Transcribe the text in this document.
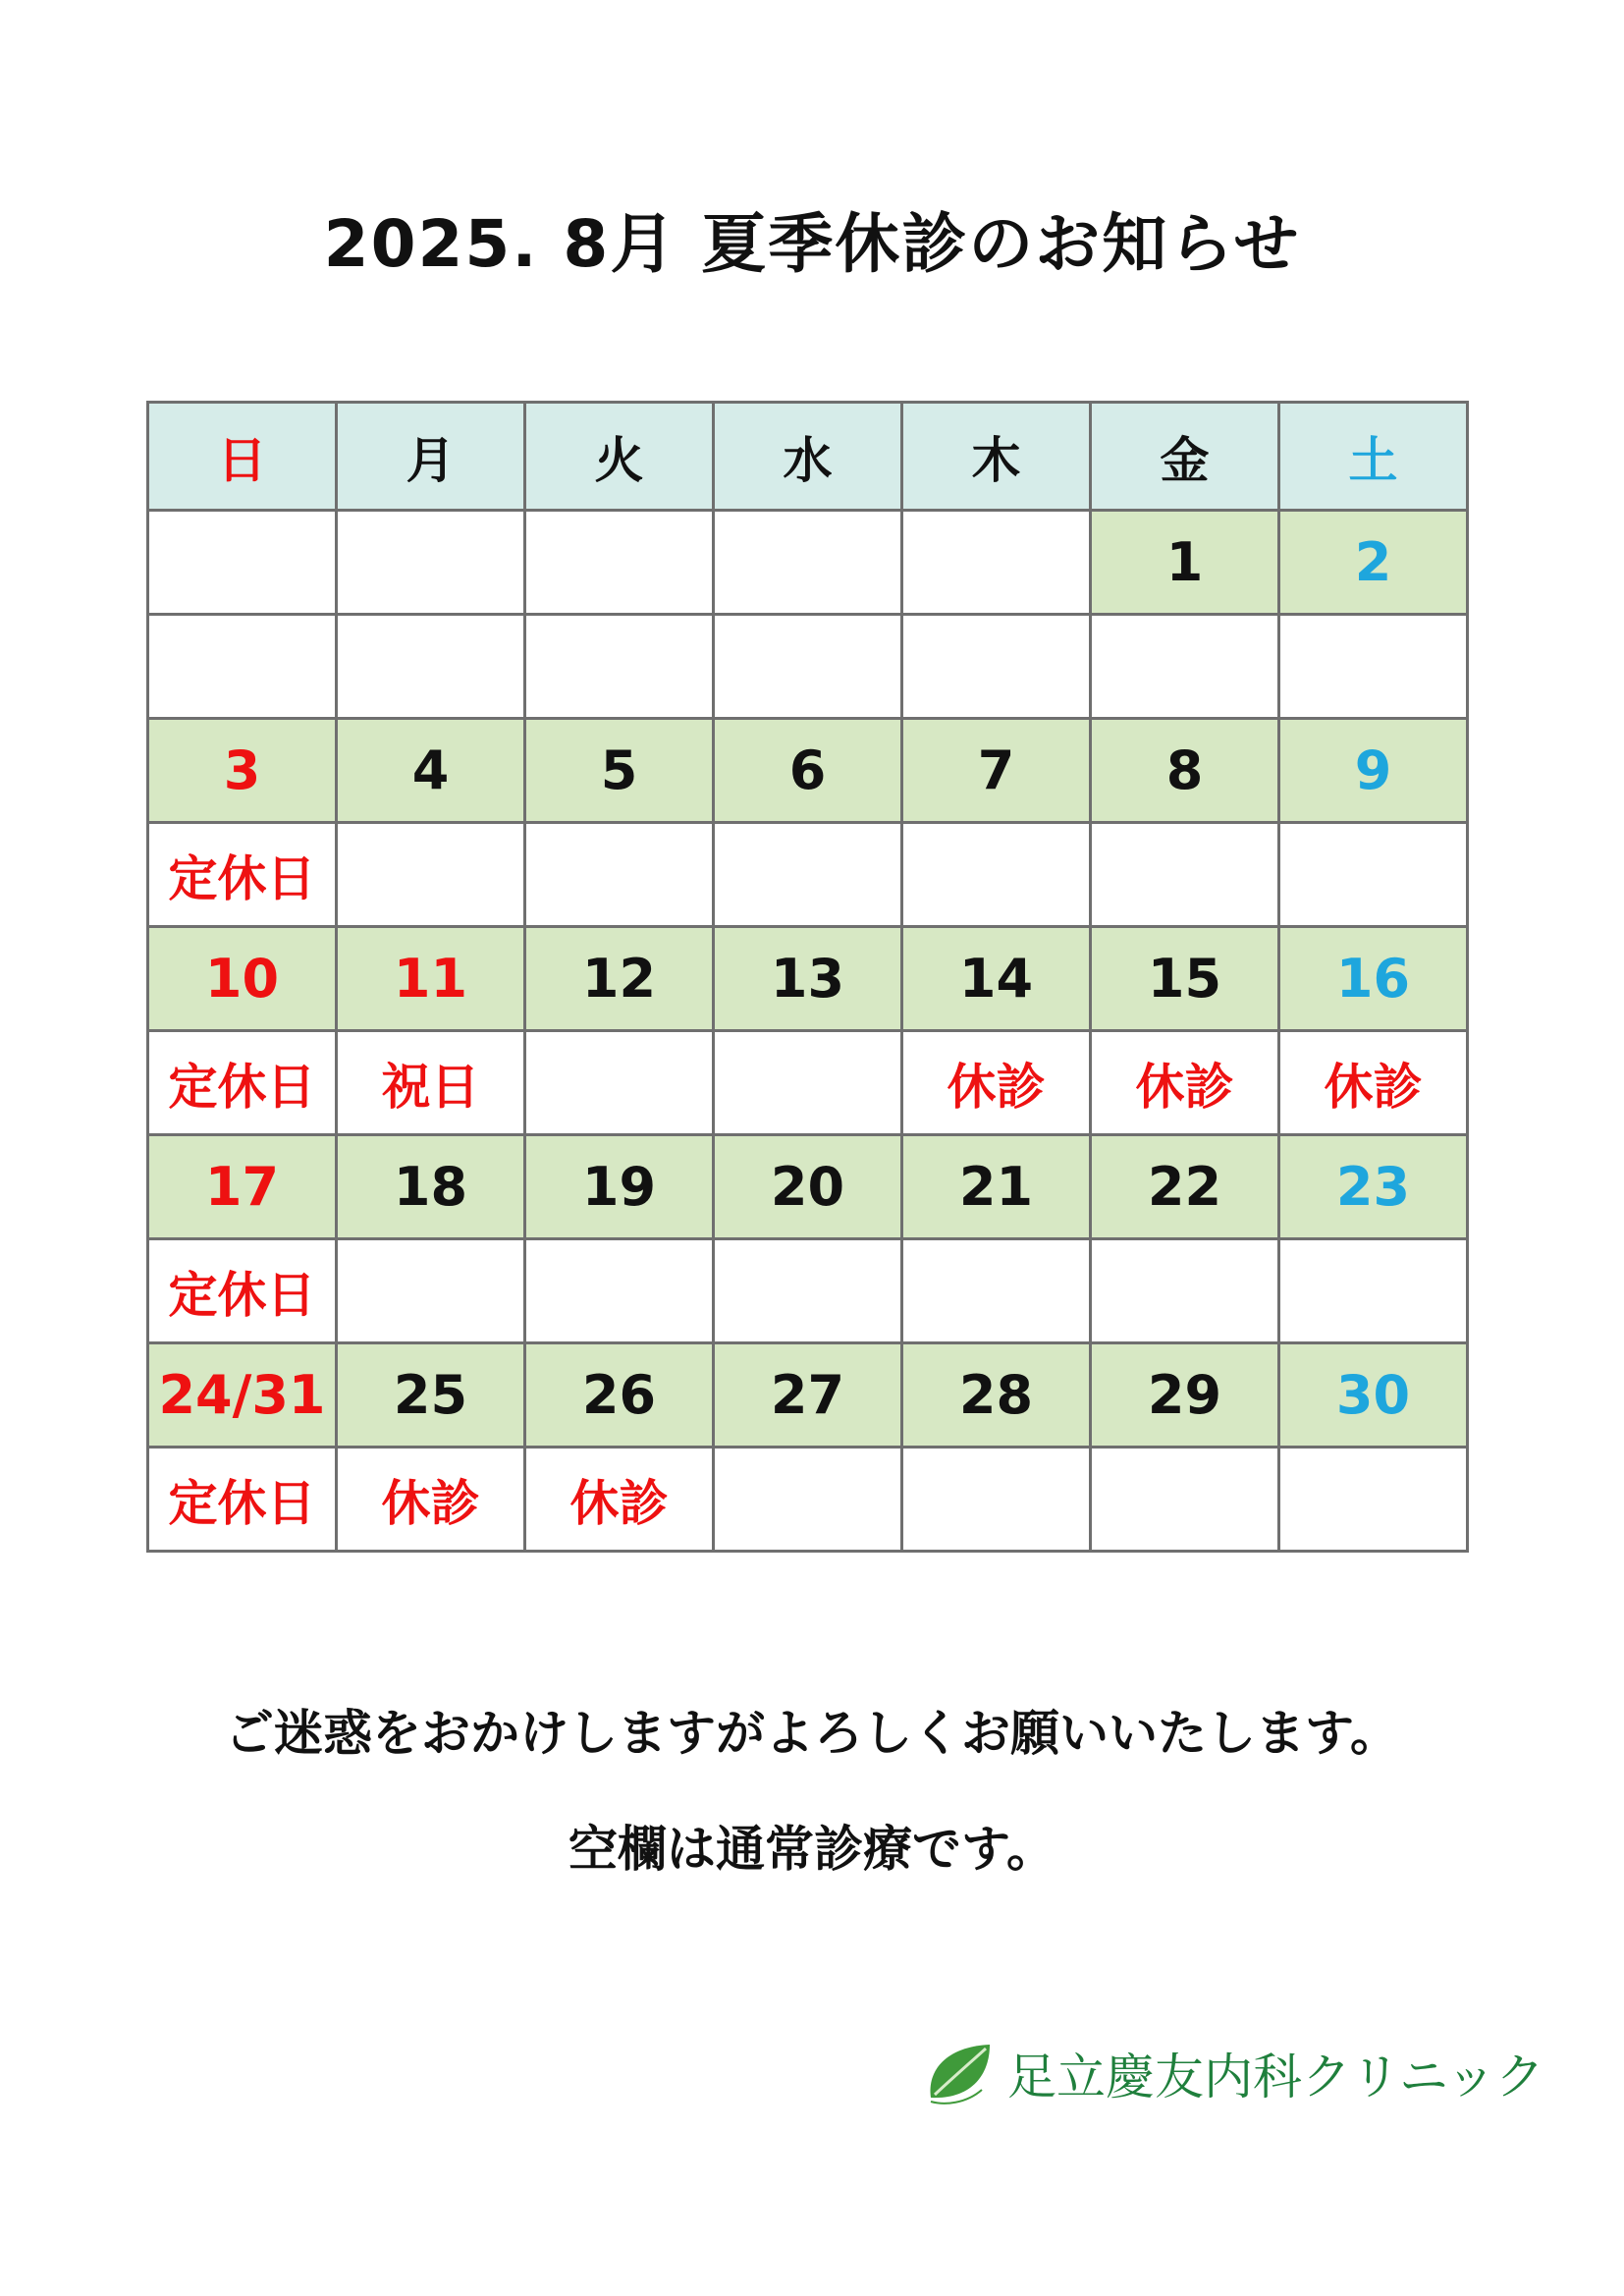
2025. 8月 夏季休診のお知らせ
日	月	火	水	木	金	土
					1	2

3	4	5	6	7	8	9
定休日						
10	11	12	13	14	15	16
定休日	祝日			休診	休診	休診
17	18	19	20	21	22	23
定休日						
24/31	25	26	27	28	29	30
定休日	休診	休診				
ご迷惑をおかけしますがよろしくお願いいたします。
空欄は通常診療です。
足立慶友内科クリニック
